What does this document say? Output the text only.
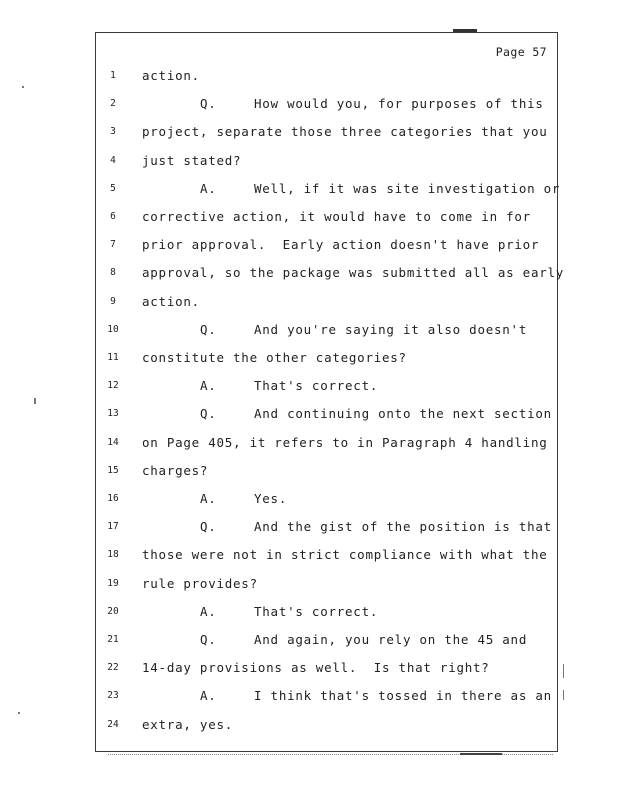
Page 57
1	action.
2	Q.	How would you, for purposes of this
3	project, separate those three categories that you
4	just stated?
5	A.	Well, if it was site investigation or
6	corrective action, it would have to come in for
7	prior approval.  Early action doesn't have prior
8	approval, so the package was submitted all as early
9	action.
10	Q.	And you're saying it also doesn't
11 constitute the other categories?
12	A.	That's correct.
13	Q.	And continuing onto the next section
14 on Page 405, it refers to in Paragraph 4 handling
15 charges?
16	A.	Yes.
17	Q.	And the gist of the position is that
18 those were not in strict compliance with what the
19 rule provides?
20	A.	That's correct.
21	Q.	And again, you rely on the 45 and
22 14-day provisions as well.  Is that right?
23	A.	I think that's tossed in there as an
24 extra, yes.
